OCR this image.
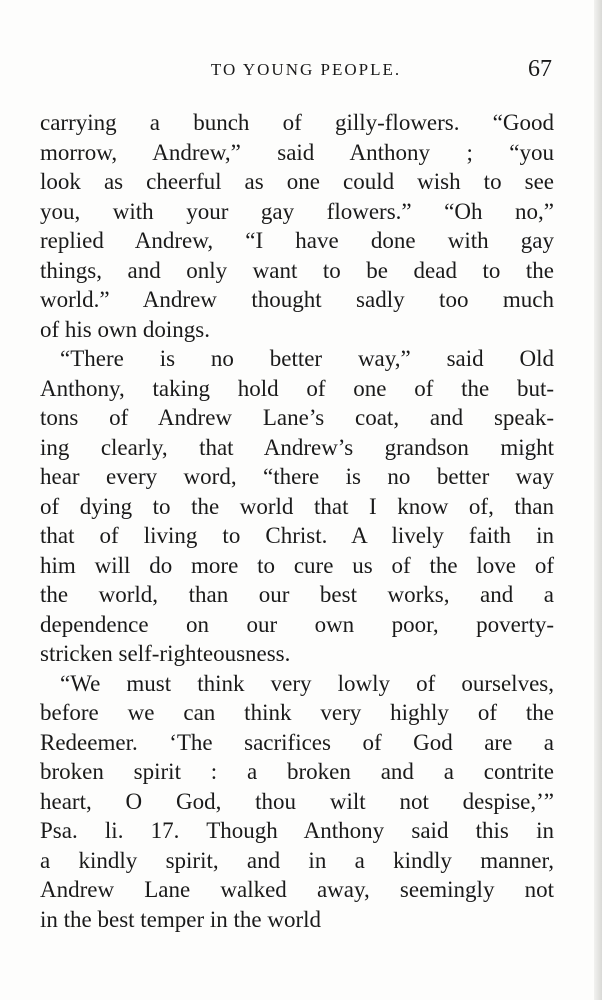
TO YOUNG PEOPLE.	67
carrying a bunch of gilly-flowers. “Good
morrow, Andrew,” said Anthony ; “you
look as cheerful as one could wish to see
you, with your gay flowers.” “Oh no,”
replied Andrew, “I have done with gay
things, and only want to be dead to the
world.” Andrew thought sadly too much
of his own doings.
“There is no better way,” said Old
Anthony, taking hold of one of the but-
tons of Andrew Lane’s coat, and speak-
ing clearly, that Andrew’s grandson might
hear every word, “there is no better way
of dying to the world that I know of, than
that of living to Christ. A lively faith in
him will do more to cure us of the love of
the world, than our best works, and a
dependence on our own poor, poverty-
stricken self-righteousness.
“We must think very lowly of ourselves,
before we can think very highly of the
Redeemer. ‘The sacrifices of God are a
broken spirit : a broken and a contrite
heart, O God, thou wilt not despise,’”
Psa. li. 17. Though Anthony said this in
a kindly spirit, and in a kindly manner,
Andrew Lane walked away, seemingly not
in the best temper in the world
